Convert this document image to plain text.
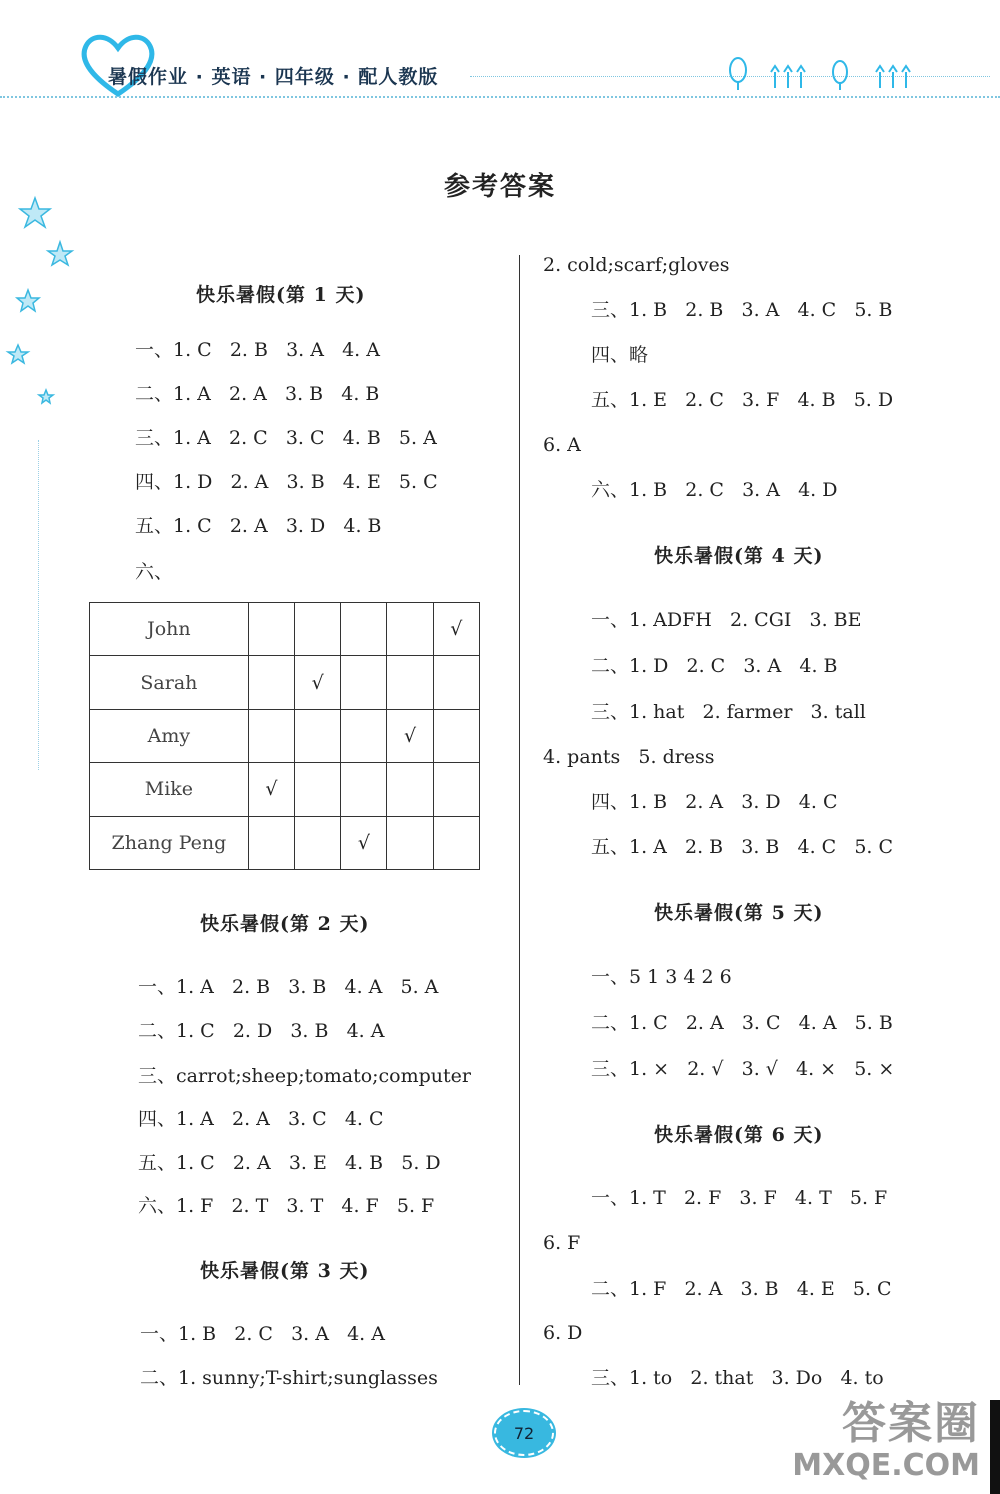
暑假作业 · 英语 · 四年级 · 配人教版
参考答案
快乐暑假(第 1 天)
一、1. C   2. B   3. A   4. A
二、1. A   2. A   3. B   4. B
三、1. A   2. C   3. C   4. B   5. A
四、1. D   2. A   3. B   4. E   5. C
五、1. C   2. A   3. D   4. B
六、
快乐暑假(第 2 天)
一、1. A   2. B   3. B   4. A   5. A
二、1. C   2. D   3. B   4. A
三、carrot;sheep;tomato;computer
四、1. A   2. A   3. C   4. C
五、1. C   2. A   3. E   4. B   5. D
六、1. F   2. T   3. T   4. F   5. F
快乐暑假(第 3 天)
一、1. B   2. C   3. A   4. A
二、1. sunny;T-shirt;sunglasses
2. cold;scarf;gloves
三、1. B   2. B   3. A   4. C   5. B
四、略
五、1. E   2. C   3. F   4. B   5. D
6. A
六、1. B   2. C   3. A   4. D
快乐暑假(第 4 天)
一、1. ADFH   2. CGI   3. BE
二、1. D   2. C   3. A   4. B
三、1. hat   2. farmer   3. tall
4. pants   5. dress
四、1. B   2. A   3. D   4. C
五、1. A   2. B   3. B   4. C   5. C
快乐暑假(第 5 天)
一、5 1 3 4 2 6
二、1. C   2. A   3. C   4. A   5. B
三、1. ×   2. √   3. √   4. ×   5. ×
快乐暑假(第 6 天)
一、1. T   2. F   3. F   4. T   5. F
6. F
二、1. F   2. A   3. B   4. E   5. C
6. D
三、1. to   2. that   3. Do   4. to
John					√
Sarah		√			
Amy				√	
Mike	√				
Zhang Peng			√		
72	答案圈
MXQE.COM
